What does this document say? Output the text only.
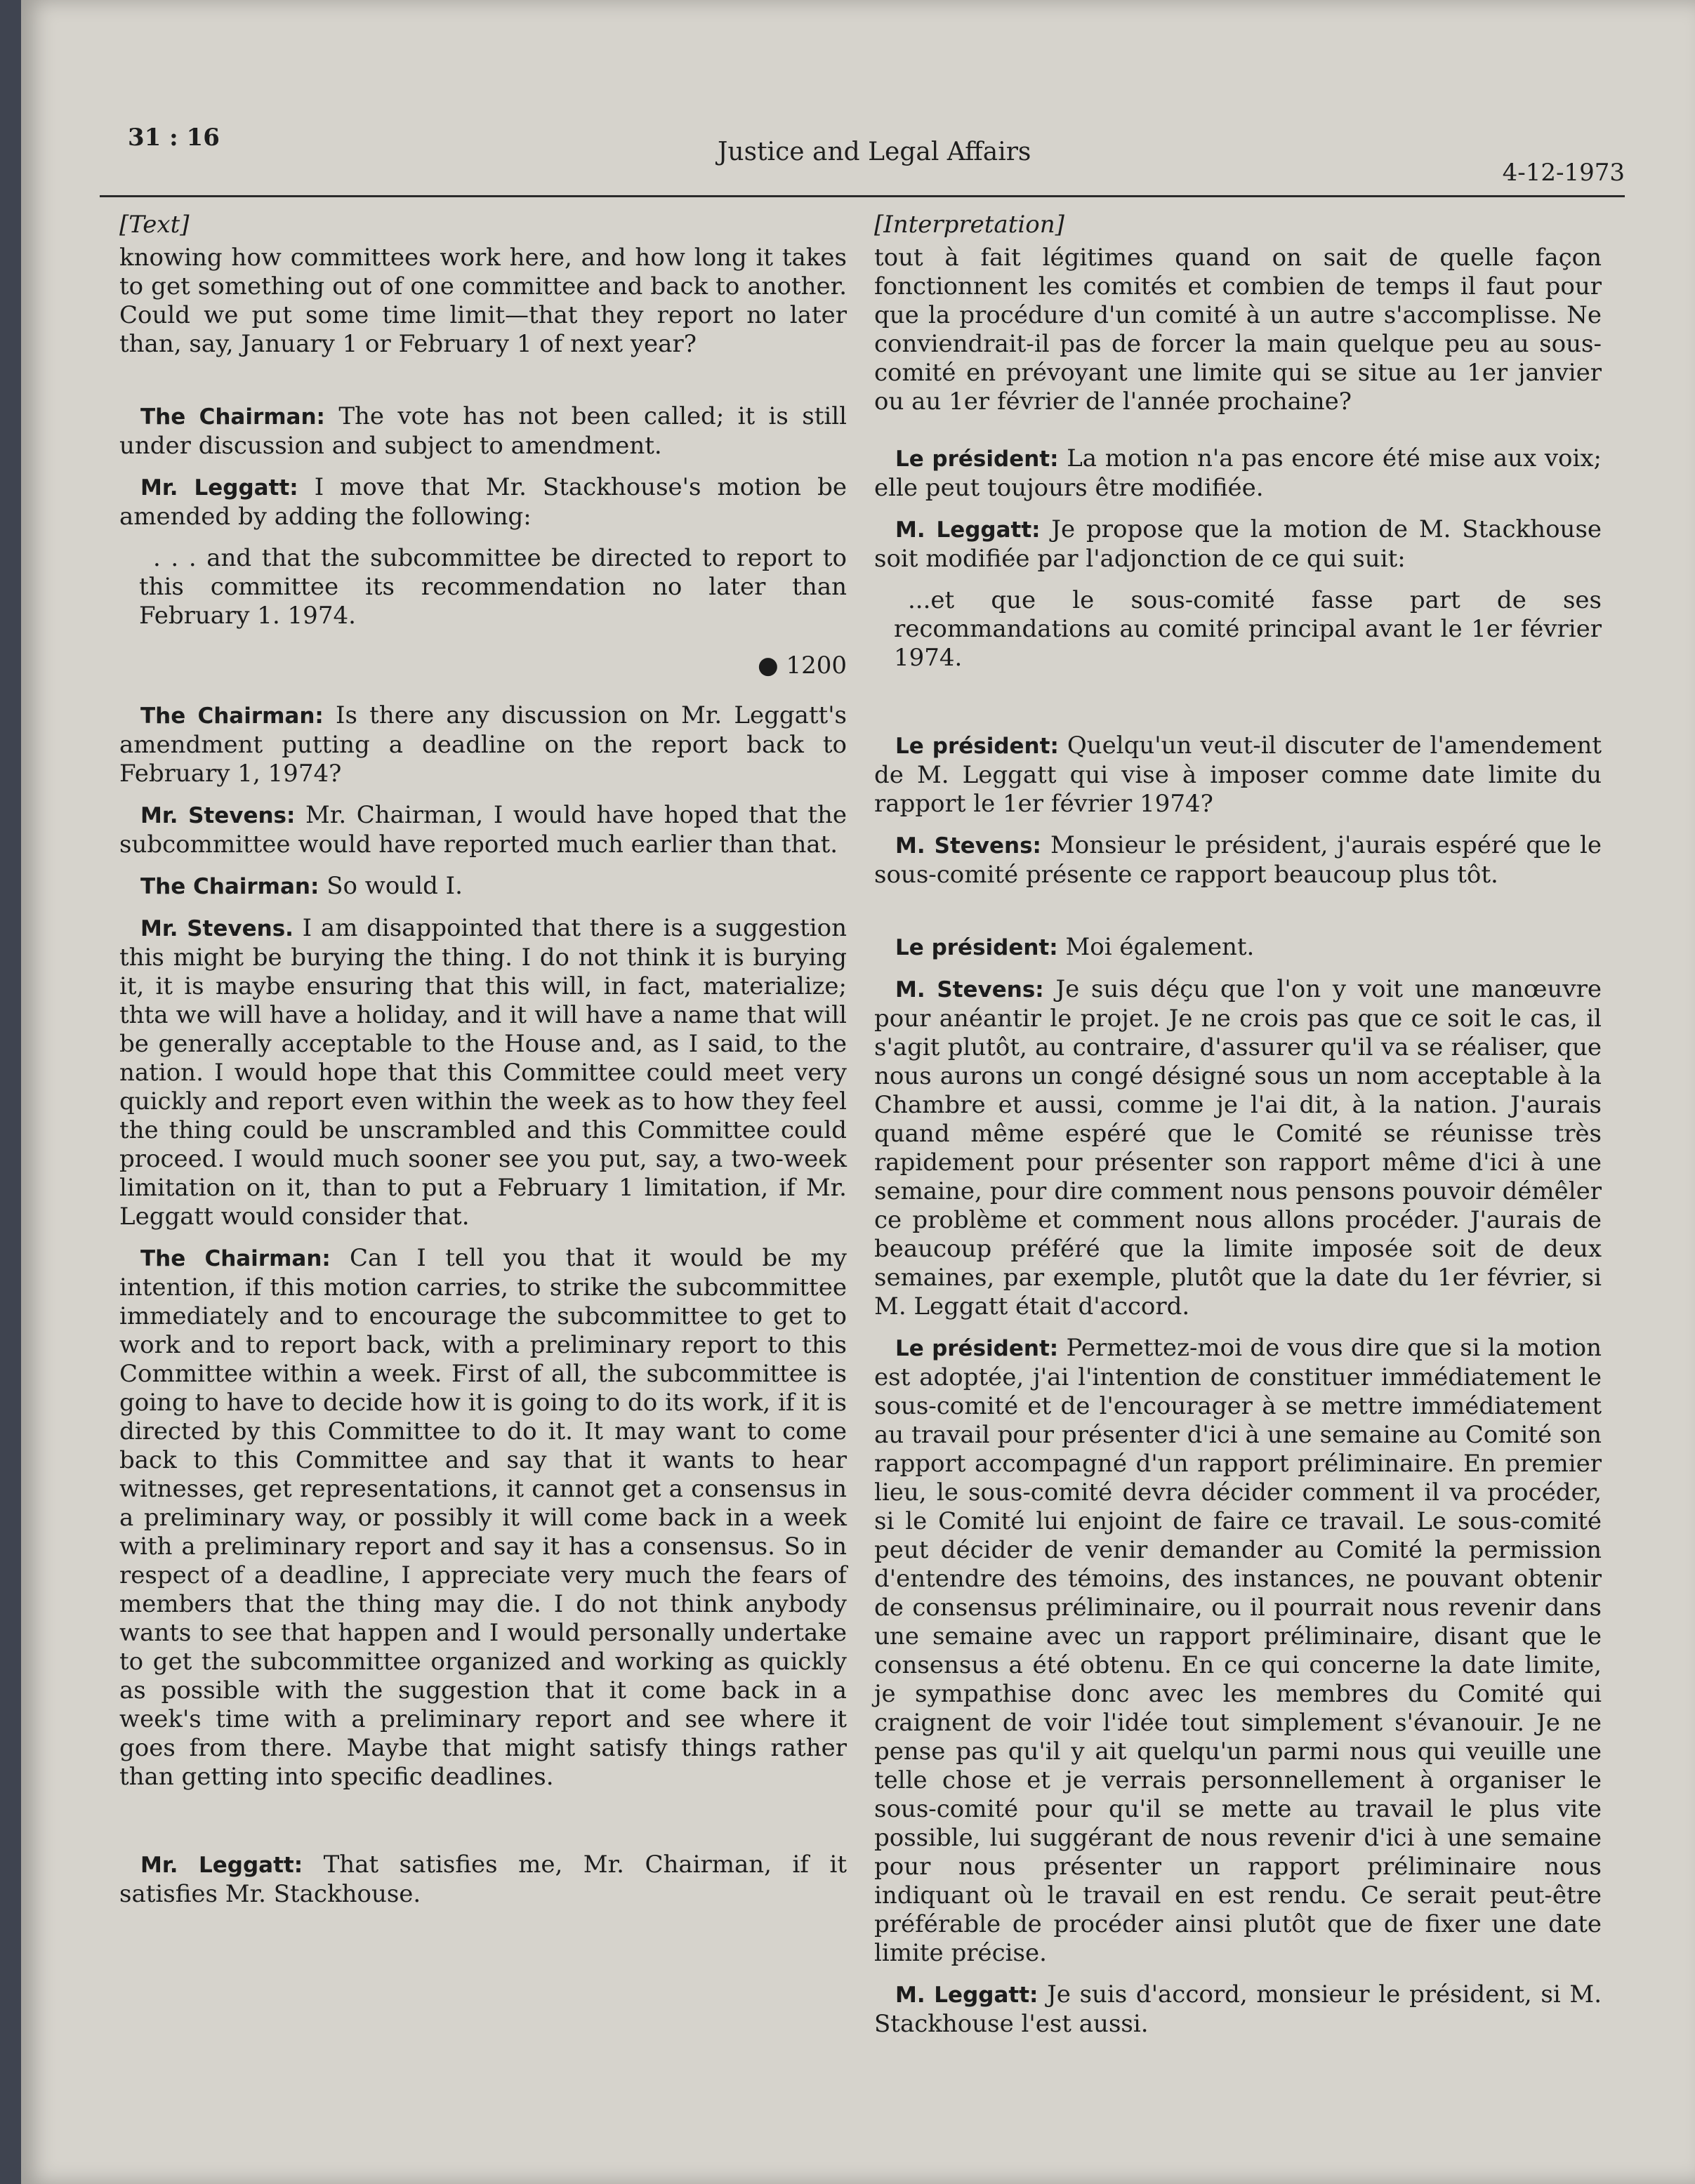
31 : 16	Justice and Legal Affairs
4-12-1973

[Text]

knowing how committees work here, and how long it takes to get something out of one committee and back to another. Could we put some time limit—that they report no later than, say, January 1 or February 1 of next year?

The Chairman: The vote has not been called; it is still under discussion and subject to amendment.

Mr. Leggatt: I move that Mr. Stackhouse's motion be amended by adding the following:

. . . and that the subcommittee be directed to report to this committee its recommendation no later than February 1. 1974.

● 1200

The Chairman: Is there any discussion on Mr. Leggatt's amendment putting a deadline on the report back to February 1, 1974?

Mr. Stevens: Mr. Chairman, I would have hoped that the subcommittee would have reported much earlier than that.

The Chairman: So would I.

Mr. Stevens. I am disappointed that there is a suggestion this might be burying the thing. I do not think it is burying it, it is maybe ensuring that this will, in fact, materialize; thta we will have a holiday, and it will have a name that will be generally acceptable to the House and, as I said, to the nation. I would hope that this Committee could meet very quickly and report even within the week as to how they feel the thing could be unscrambled and this Committee could proceed. I would much sooner see you put, say, a two-week limitation on it, than to put a February 1 limitation, if Mr. Leggatt would consider that.

The Chairman: Can I tell you that it would be my intention, if this motion carries, to strike the subcommittee immediately and to encourage the subcommittee to get to work and to report back, with a preliminary report to this Committee within a week. First of all, the subcommittee is going to have to decide how it is going to do its work, if it is directed by this Committee to do it. It may want to come back to this Committee and say that it wants to hear witnesses, get representations, it cannot get a consensus in a preliminary way, or possibly it will come back in a week with a preliminary report and say it has a consensus. So in respect of a deadline, I appreciate very much the fears of members that the thing may die. I do not think anybody wants to see that happen and I would personally undertake to get the subcommittee organized and working as quickly as possible with the suggestion that it come back in a week's time with a preliminary report and see where it goes from there. Maybe that might satisfy things rather than getting into specific deadlines.

Mr. Leggatt: That satisfies me, Mr. Chairman, if it satisfies Mr. Stackhouse.

[Interpretation]

tout à fait légitimes quand on sait de quelle façon fonctionnent les comités et combien de temps il faut pour que la procédure d'un comité à un autre s'accomplisse. Ne conviendrait-il pas de forcer la main quelque peu au sous-comité en prévoyant une limite qui se situe au 1er janvier ou au 1er février de l'année prochaine?

Le président: La motion n'a pas encore été mise aux voix; elle peut toujours être modifiée.

M. Leggatt: Je propose que la motion de M. Stackhouse soit modifiée par l'adjonction de ce qui suit:

...et que le sous-comité fasse part de ses recommandations au comité principal avant le 1er février 1974.

Le président: Quelqu'un veut-il discuter de l'amendement de M. Leggatt qui vise à imposer comme date limite du rapport le 1er février 1974?

M. Stevens: Monsieur le président, j'aurais espéré que le sous-comité présente ce rapport beaucoup plus tôt.

Le président: Moi également.

M. Stevens: Je suis déçu que l'on y voit une manœuvre pour anéantir le projet. Je ne crois pas que ce soit le cas, il s'agit plutôt, au contraire, d'assurer qu'il va se réaliser, que nous aurons un congé désigné sous un nom acceptable à la Chambre et aussi, comme je l'ai dit, à la nation. J'aurais quand même espéré que le Comité se réunisse très rapidement pour présenter son rapport même d'ici à une semaine, pour dire comment nous pensons pouvoir démêler ce problème et comment nous allons procéder. J'aurais de beaucoup préféré que la limite imposée soit de deux semaines, par exemple, plutôt que la date du 1er février, si M. Leggatt était d'accord.

Le président: Permettez-moi de vous dire que si la motion est adoptée, j'ai l'intention de constituer immédiatement le sous-comité et de l'encourager à se mettre immédiatement au travail pour présenter d'ici à une semaine au Comité son rapport accompagné d'un rapport préliminaire. En premier lieu, le sous-comité devra décider comment il va procéder, si le Comité lui enjoint de faire ce travail. Le sous-comité peut décider de venir demander au Comité la permission d'entendre des témoins, des instances, ne pouvant obtenir de consensus préliminaire, ou il pourrait nous revenir dans une semaine avec un rapport préliminaire, disant que le consensus a été obtenu. En ce qui concerne la date limite, je sympathise donc avec les membres du Comité qui craignent de voir l'idée tout simplement s'évanouir. Je ne pense pas qu'il y ait quelqu'un parmi nous qui veuille une telle chose et je verrais personnellement à organiser le sous-comité pour qu'il se mette au travail le plus vite possible, lui suggérant de nous revenir d'ici à une semaine pour nous présenter un rapport préliminaire nous indiquant où le travail en est rendu. Ce serait peut-être préférable de procéder ainsi plutôt que de fixer une date limite précise.

M. Leggatt: Je suis d'accord, monsieur le président, si M. Stackhouse l'est aussi.
